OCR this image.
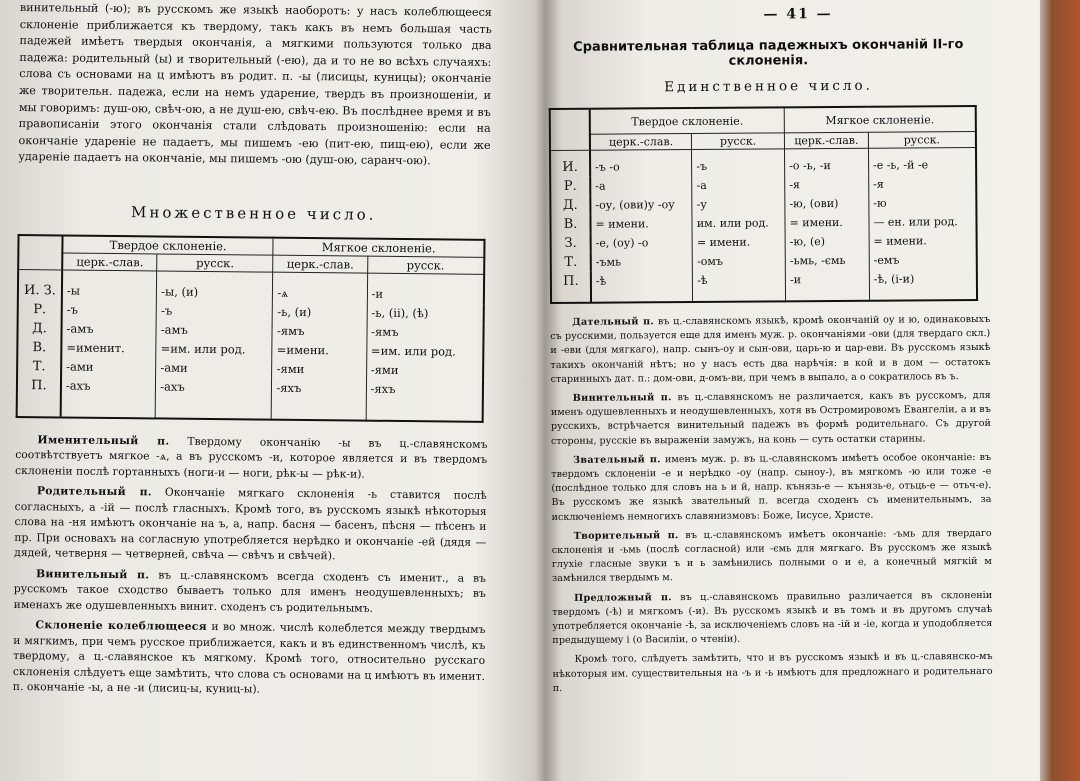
винительный (-ю); въ русскомъ же языкѣ наоборотъ: у насъ колеблющееся склоненіе приближается къ твердому, такъ какъ въ немъ большая часть падежей имѣетъ твердыя окончанія, а мягкими пользуются только два падежа: родительный (ы) и творительный (-ею), да и то не во всѣхъ случаяхъ: слова съ основами на ц имѣютъ въ родит. п. -ы (лисицы, куницы); окончаніе же творительн. падежа, если на немъ ударение, твердъ въ произношеніи, и мы говоримъ: душ-ою, свѣч-ою, а не душ-ею, свѣч-ею. Въ послѣднее время и въ правописаніи этого окончанія стали слѣдовать произношенію: если на окончаніе удареніе не падаетъ, мы пишемъ -ею (пит-ею, пищ-ею), если же удареніе падаетъ на окончаніе, мы пишемъ -ою (душ-ою, саранч-ою).

Множественное число.
	Твердое склоненіе.		Мягкое склоненіе.	
	церк.-слав.	русск.	церк.-слав.	русск.
И. З.	-ы	-ы, (и)	-ѧ	-и
Р.	-ъ	-ъ	-ь, (и)	-ь, (ii), (ѣ)
Д.	-амъ	-амъ	-ямъ	-ямъ
В.	=именит.	=им. или род.	=имени.	=им. или род.
Т.	-ами	-ами	-ями	-ями
П.	-ахъ	-ахъ	-яхъ	-яхъ

Именительный п. Твердому окончанію -ы въ ц.-славянскомъ соотвѣтствуетъ мягкое -ѧ, а въ русскомъ -и, которое является и въ твердомъ склоненіи послѣ гортанныхъ (ноги-и — ноги, рѣк-ы — рѣк-и).

Родительный п. Окончаніе мягкаго склоненія -ь ставится послѣ согласныхъ, а -ій — послѣ гласныхъ. Кромѣ того, въ русскомъ языкѣ нѣкоторыя слова на -ня имѣютъ окончаніе на ъ, а, напр. басня — басенъ, пѣсня — пѣсенъ и пр. При основахъ на согласную употребляется нерѣдко и окончаніе -ей (дядя — дядей, четверня — четверней, свѣча — свѣчъ и свѣчей).

Винительный п. въ ц.-славянскомъ всегда сходенъ съ именит., а въ русскомъ такое сходство бываетъ только для именъ неодушевленныхъ; въ именахъ же одушевленныхъ винит. сходенъ съ родительнымъ.

Склоненіе колеблющееся и во множ. числѣ колеблется между твердымъ и мягкимъ, при чемъ русское приближается, какъ и въ единственномъ числѣ, къ твердому, а ц.-славянское къ мягкому. Кромѣ того, относительно русскаго склоненія слѣдуетъ еще замѣтить, что слова съ основами на ц имѣютъ въ именит. п. окончаніе -ы, а не -и (лисиц-ы, куниц-ы).

— 41 —
Сравнительная таблица падежныхъ окончаній II-го склоненія.
Единственное число.
	Твердое склоненіе.		Мягкое склоненіе.	
	церк.-слав.	русск.	церк.-слав.	русск.
И.	-ъ -о	-ъ	-о -ь, -и	-е -ь, -й -е
Р.	-а	-а	-я	-я
Д.	-оу, (ови)у -оу	-у	-ю, (ови)	-ю
В.	= имени.	им. или род.	= имени.	— ен. или род.
З.	-е, (оу) -о	= имени.	-ю, (е)	= имени.
Т.	-ъмь	-омъ	-ьмь, -ємь	-емъ
П.	-ѣ	-ѣ	-и	-ѣ, (і-и)

Дательный п. въ ц.-славянскомъ языкѣ, кромѣ окончаній оу и ю, одинаковыхъ съ русскими, пользуется еще для именъ муж. р. окончаніями -ови (для твердаго скл.) и -еви (для мягкаго), напр. сынъ-оу и сын-ови, царь-ю и цар-еви. Въ русскомъ языкѣ такихъ окончаній нѣтъ; но у насъ есть два нарѣчія: в кой и в дом — остатокъ старинныхъ дат. п.: дом-ови, д-омъ-ви, при чемъ в выпало, а о сократилось въ ъ.

Винительный п. въ ц.-славянскомъ не различается, какъ въ русскомъ, для именъ одушевленныхъ и неодушевленныхъ, хотя въ Остромировомъ Евангеліи, а и въ русскихъ, встрѣчается винительный падежъ въ формѣ родительнаго. Съ другой стороны, русскіе въ выраженіи замужъ, на конь — суть остатки старины.

Звательный п. именъ муж. р. въ ц.-славянскомъ имѣетъ особое окончаніе: въ твердомъ склоненіи -е и нерѣдко -оу (напр. сыноу-), въ мягкомъ -ю или тоже -е (послѣдное только для словъ на ь и й, напр. кънязь-е — кънязь-е, отьць-е — отьч-е). Въ русскомъ же языкѣ звательный п. всегда сходенъ съ именительнымъ, за исключеніемъ немногихъ славянизмовъ: Боже, Іисусе, Христе.

Творительный п. въ ц.-славянскомъ имѣетъ окончаніе: -ъмь для твердаго склоненія и -ьмь (послѣ согласной) или -ємь для мягкаго. Въ русскомъ же языкѣ глухіе гласные звуки ъ и ь замѣнились полными о и е, а конечный мягкій м замѣнился твердымъ м.

Предложный п. въ ц.-славянскомъ правильно различается въ склоненіи твердомъ (-ѣ) и мягкомъ (-и). Въ русскомъ языкѣ и въ томъ и въ другомъ случаѣ употребляется окончаніе -ѣ, за исключеніемъ словъ на -ій и -іе, когда и уподобляется предыдущему і (о Василіи, о чтеніи).

Кромѣ того, слѣдуетъ замѣтить, что и въ русскомъ языкѣ и въ ц.-славянско-мъ нѣкоторыя им. существительныя на -ъ и -ь имѣютъ для предложнаго и родительнаго п.
